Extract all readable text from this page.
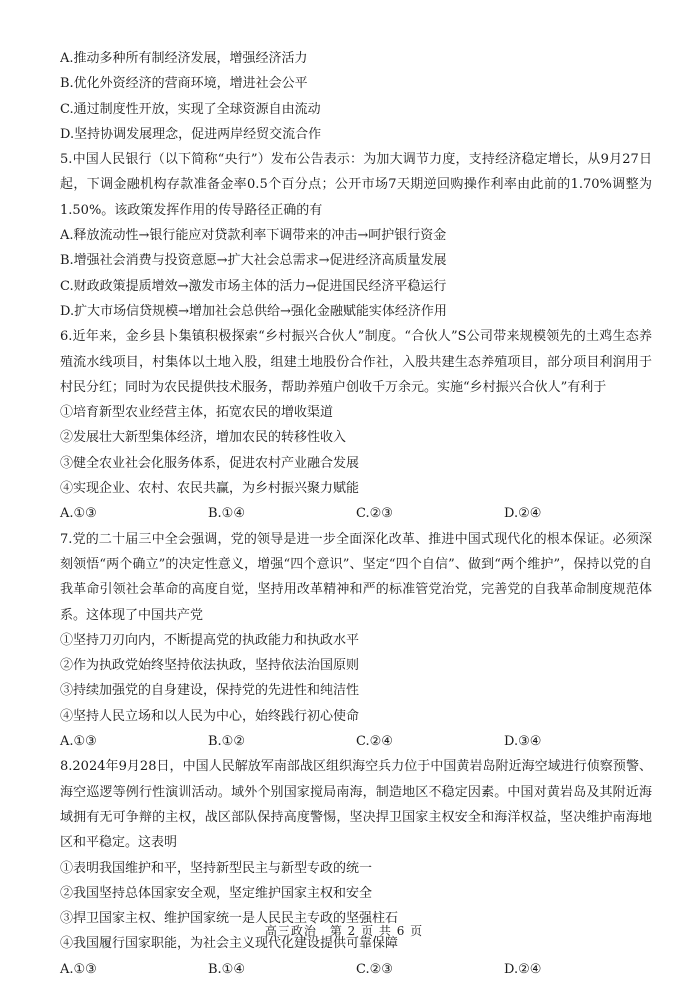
A.推动多种所有制经济发展，增强经济活力
B.优化外资经济的营商环境，增进社会公平
C.通过制度性开放，实现了全球资源自由流动
D.坚持协调发展理念，促进两岸经贸交流合作
5.中国人民银行（以下简称“央行”）发布公告表示：为加大调节力度，支持经济稳定增长，从9月27日起，下调金融机构存款准备金率0.5个百分点；公开市场7天期逆回购操作利率由此前的1.70%调整为1.50%。该政策发挥作用的传导路径正确的有
A.释放流动性→银行能应对贷款利率下调带来的冲击→呵护银行资金
B.增强社会消费与投资意愿→扩大社会总需求→促进经济高质量发展
C.财政政策提质增效→激发市场主体的活力→促进国民经济平稳运行
D.扩大市场信贷规模→增加社会总供给→强化金融赋能实体经济作用
6.近年来，金乡县卜集镇积极探索“乡村振兴合伙人”制度。“合伙人”S公司带来规模领先的土鸡生态养殖流水线项目，村集体以土地入股，组建土地股份合作社，入股共建生态养殖项目，部分项目利润用于村民分红；同时为农民提供技术服务，帮助养殖户创收千万余元。实施“乡村振兴合伙人”有利于
①培育新型农业经营主体，拓宽农民的增收渠道
②发展壮大新型集体经济，增加农民的转移性收入
③健全农业社会化服务体系，促进农村产业融合发展
④实现企业、农村、农民共赢，为乡村振兴聚力赋能
A.①③	B.①④	C.②③	D.②④
7.党的二十届三中全会强调，党的领导是进一步全面深化改革、推进中国式现代化的根本保证。必须深刻领悟“两个确立”的决定性意义，增强“四个意识”、坚定“四个自信”、做到“两个维护”，保持以党的自我革命引领社会革命的高度自觉，坚持用改革精神和严的标准管党治党，完善党的自我革命制度规范体系。这体现了中国共产党
①坚持刀刃向内，不断提高党的执政能力和执政水平
②作为执政党始终坚持依法执政，坚持依法治国原则
③持续加强党的自身建设，保持党的先进性和纯洁性
④坚持人民立场和以人民为中心，始终践行初心使命
A.①③	B.①②	C.②④	D.③④
8.2024年9月28日，中国人民解放军南部战区组织海空兵力位于中国黄岩岛附近海空域进行侦察预警、海空巡逻等例行性演训活动。域外个别国家搅局南海，制造地区不稳定因素。中国对黄岩岛及其附近海域拥有无可争辩的主权，战区部队保持高度警惕，坚决捍卫国家主权安全和海洋权益，坚决维护南海地区和平稳定。这表明
①表明我国维护和平，坚持新型民主与新型专政的统一
②我国坚持总体国家安全观，坚定维护国家主权和安全
③捍卫国家主权、维护国家统一是人民民主专政的坚强柱石
④我国履行国家职能，为社会主义现代化建设提供可靠保障
A.①③	B.①④	C.②③	D.②④
高三政治　第 2 页 共 6 页
